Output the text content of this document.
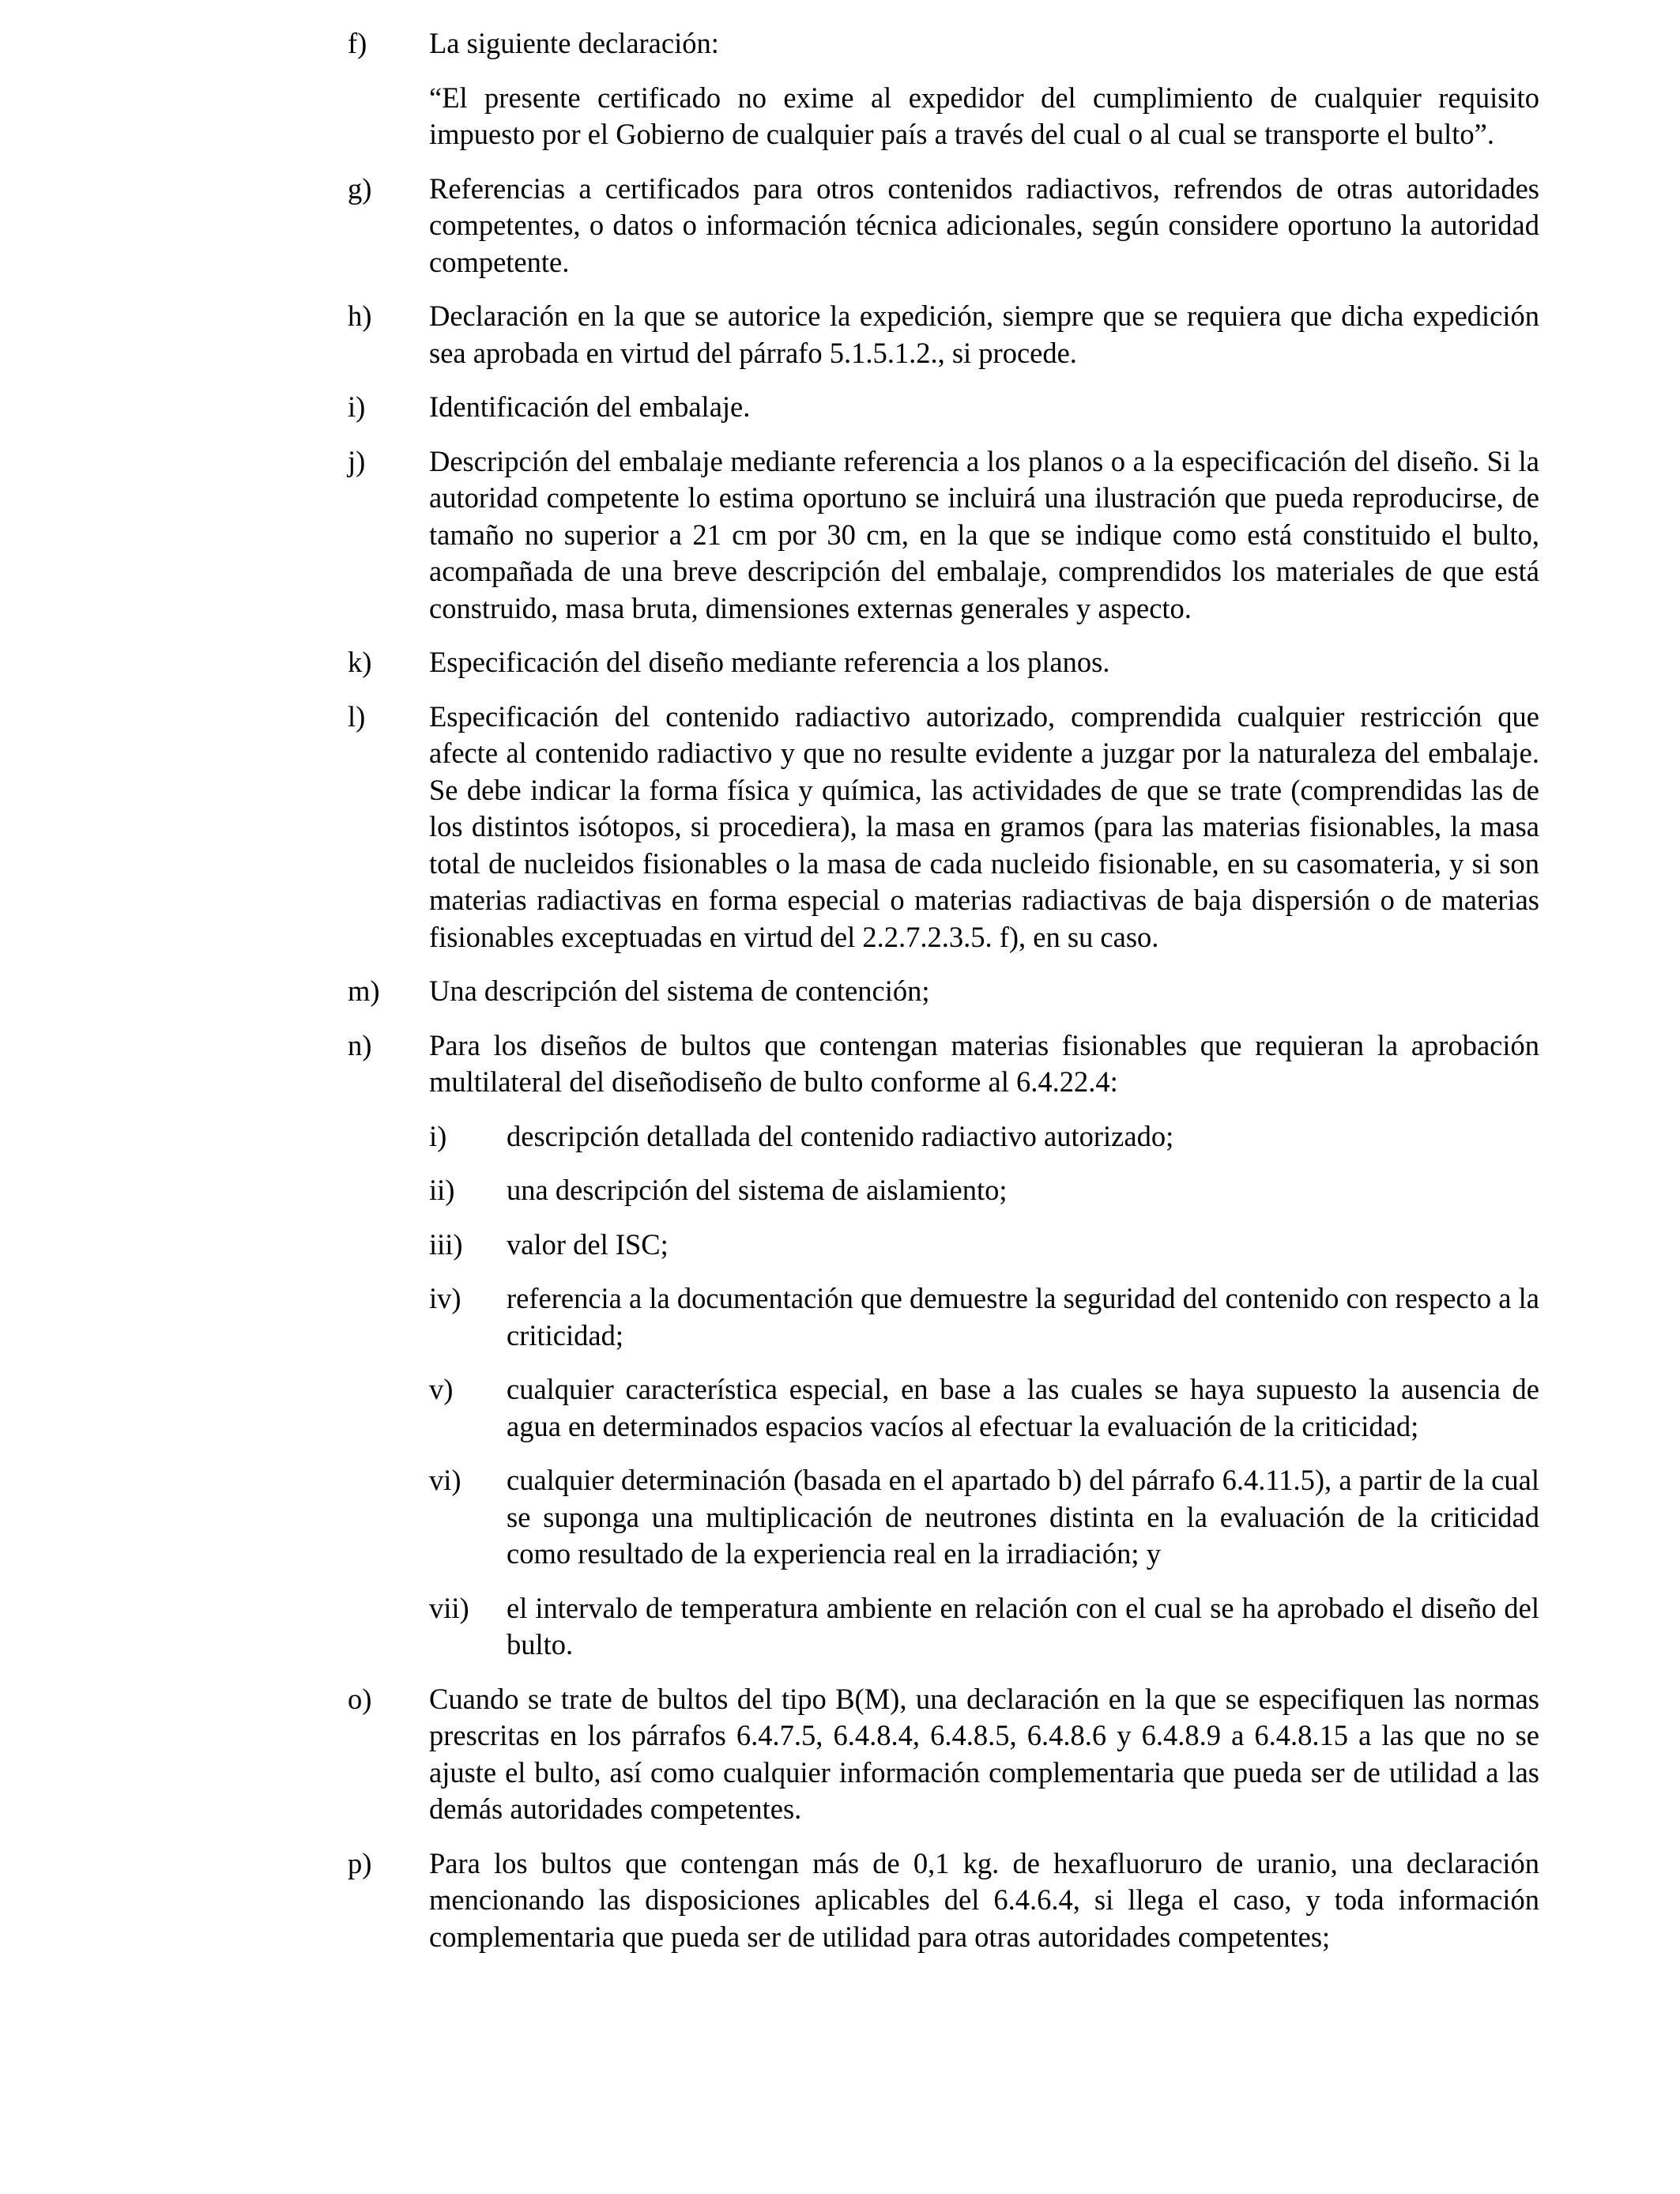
f) La siguiente declaración:
“El presente certificado no exime al expedidor del cumplimiento de cualquier requisito impuesto por el Gobierno de cualquier país a través del cual o al cual se transporte el bulto”.
g) Referencias a certificados para otros contenidos radiactivos, refrendos de otras autoridades competentes, o datos o información técnica adicionales, según considere oportuno la autoridad competente.
h) Declaración en la que se autorice la expedición, siempre que se requiera que dicha expedición sea aprobada en virtud del párrafo 5.1.5.1.2., si procede.
i) Identificación del embalaje.
j) Descripción del embalaje mediante referencia a los planos o a la especificación del diseño. Si la autoridad competente lo estima oportuno se incluirá una ilustración que pueda reproducirse, de tamaño no superior a 21 cm por 30 cm, en la que se indique como está constituido el bulto, acompañada de una breve descripción del embalaje, comprendidos los materiales de que está construido, masa bruta, dimensiones externas generales y aspecto.
k) Especificación del diseño mediante referencia a los planos.
l) Especificación del contenido radiactivo autorizado, comprendida cualquier restricción que afecte al contenido radiactivo y que no resulte evidente a juzgar por la naturaleza del embalaje. Se debe indicar la forma física y química, las actividades de que se trate (comprendidas las de los distintos isótopos, si procediera), la masa en gramos (para las materias fisionables, la masa total de nucleidos fisionables o la masa de cada nucleido fisionable, en su casomateria, y si son materias radiactivas en forma especial o materias radiactivas de baja dispersión o de materias fisionables exceptuadas en virtud del 2.2.7.2.3.5. f), en su caso.
m) Una descripción del sistema de contención;
n) Para los diseños de bultos que contengan materias fisionables que requieran la aprobación multilateral del diseñodiseño de bulto conforme al 6.4.22.4:
i) descripción detallada del contenido radiactivo autorizado;
ii) una descripción del sistema de aislamiento;
iii) valor del ISC;
iv) referencia a la documentación que demuestre la seguridad del contenido con respecto a la criticidad;
v) cualquier característica especial, en base a las cuales se haya supuesto la ausencia de agua en determinados espacios vacíos al efectuar la evaluación de la criticidad;
vi) cualquier determinación (basada en el apartado b) del párrafo 6.4.11.5), a partir de la cual se suponga una multiplicación de neutrones distinta en la evaluación de la criticidad como resultado de la experiencia real en la irradiación; y
vii) el intervalo de temperatura ambiente en relación con el cual se ha aprobado el diseño del bulto.
o) Cuando se trate de bultos del tipo B(M), una declaración en la que se especifiquen las normas prescritas en los párrafos 6.4.7.5, 6.4.8.4, 6.4.8.5, 6.4.8.6 y 6.4.8.9 a 6.4.8.15 a las que no se ajuste el bulto, así como cualquier información complementaria que pueda ser de utilidad a las demás autoridades competentes.
p) Para los bultos que contengan más de 0,1 kg. de hexafluoruro de uranio, una declaración mencionando las disposiciones aplicables del 6.4.6.4, si llega el caso, y toda información complementaria que pueda ser de utilidad para otras autoridades competentes;
